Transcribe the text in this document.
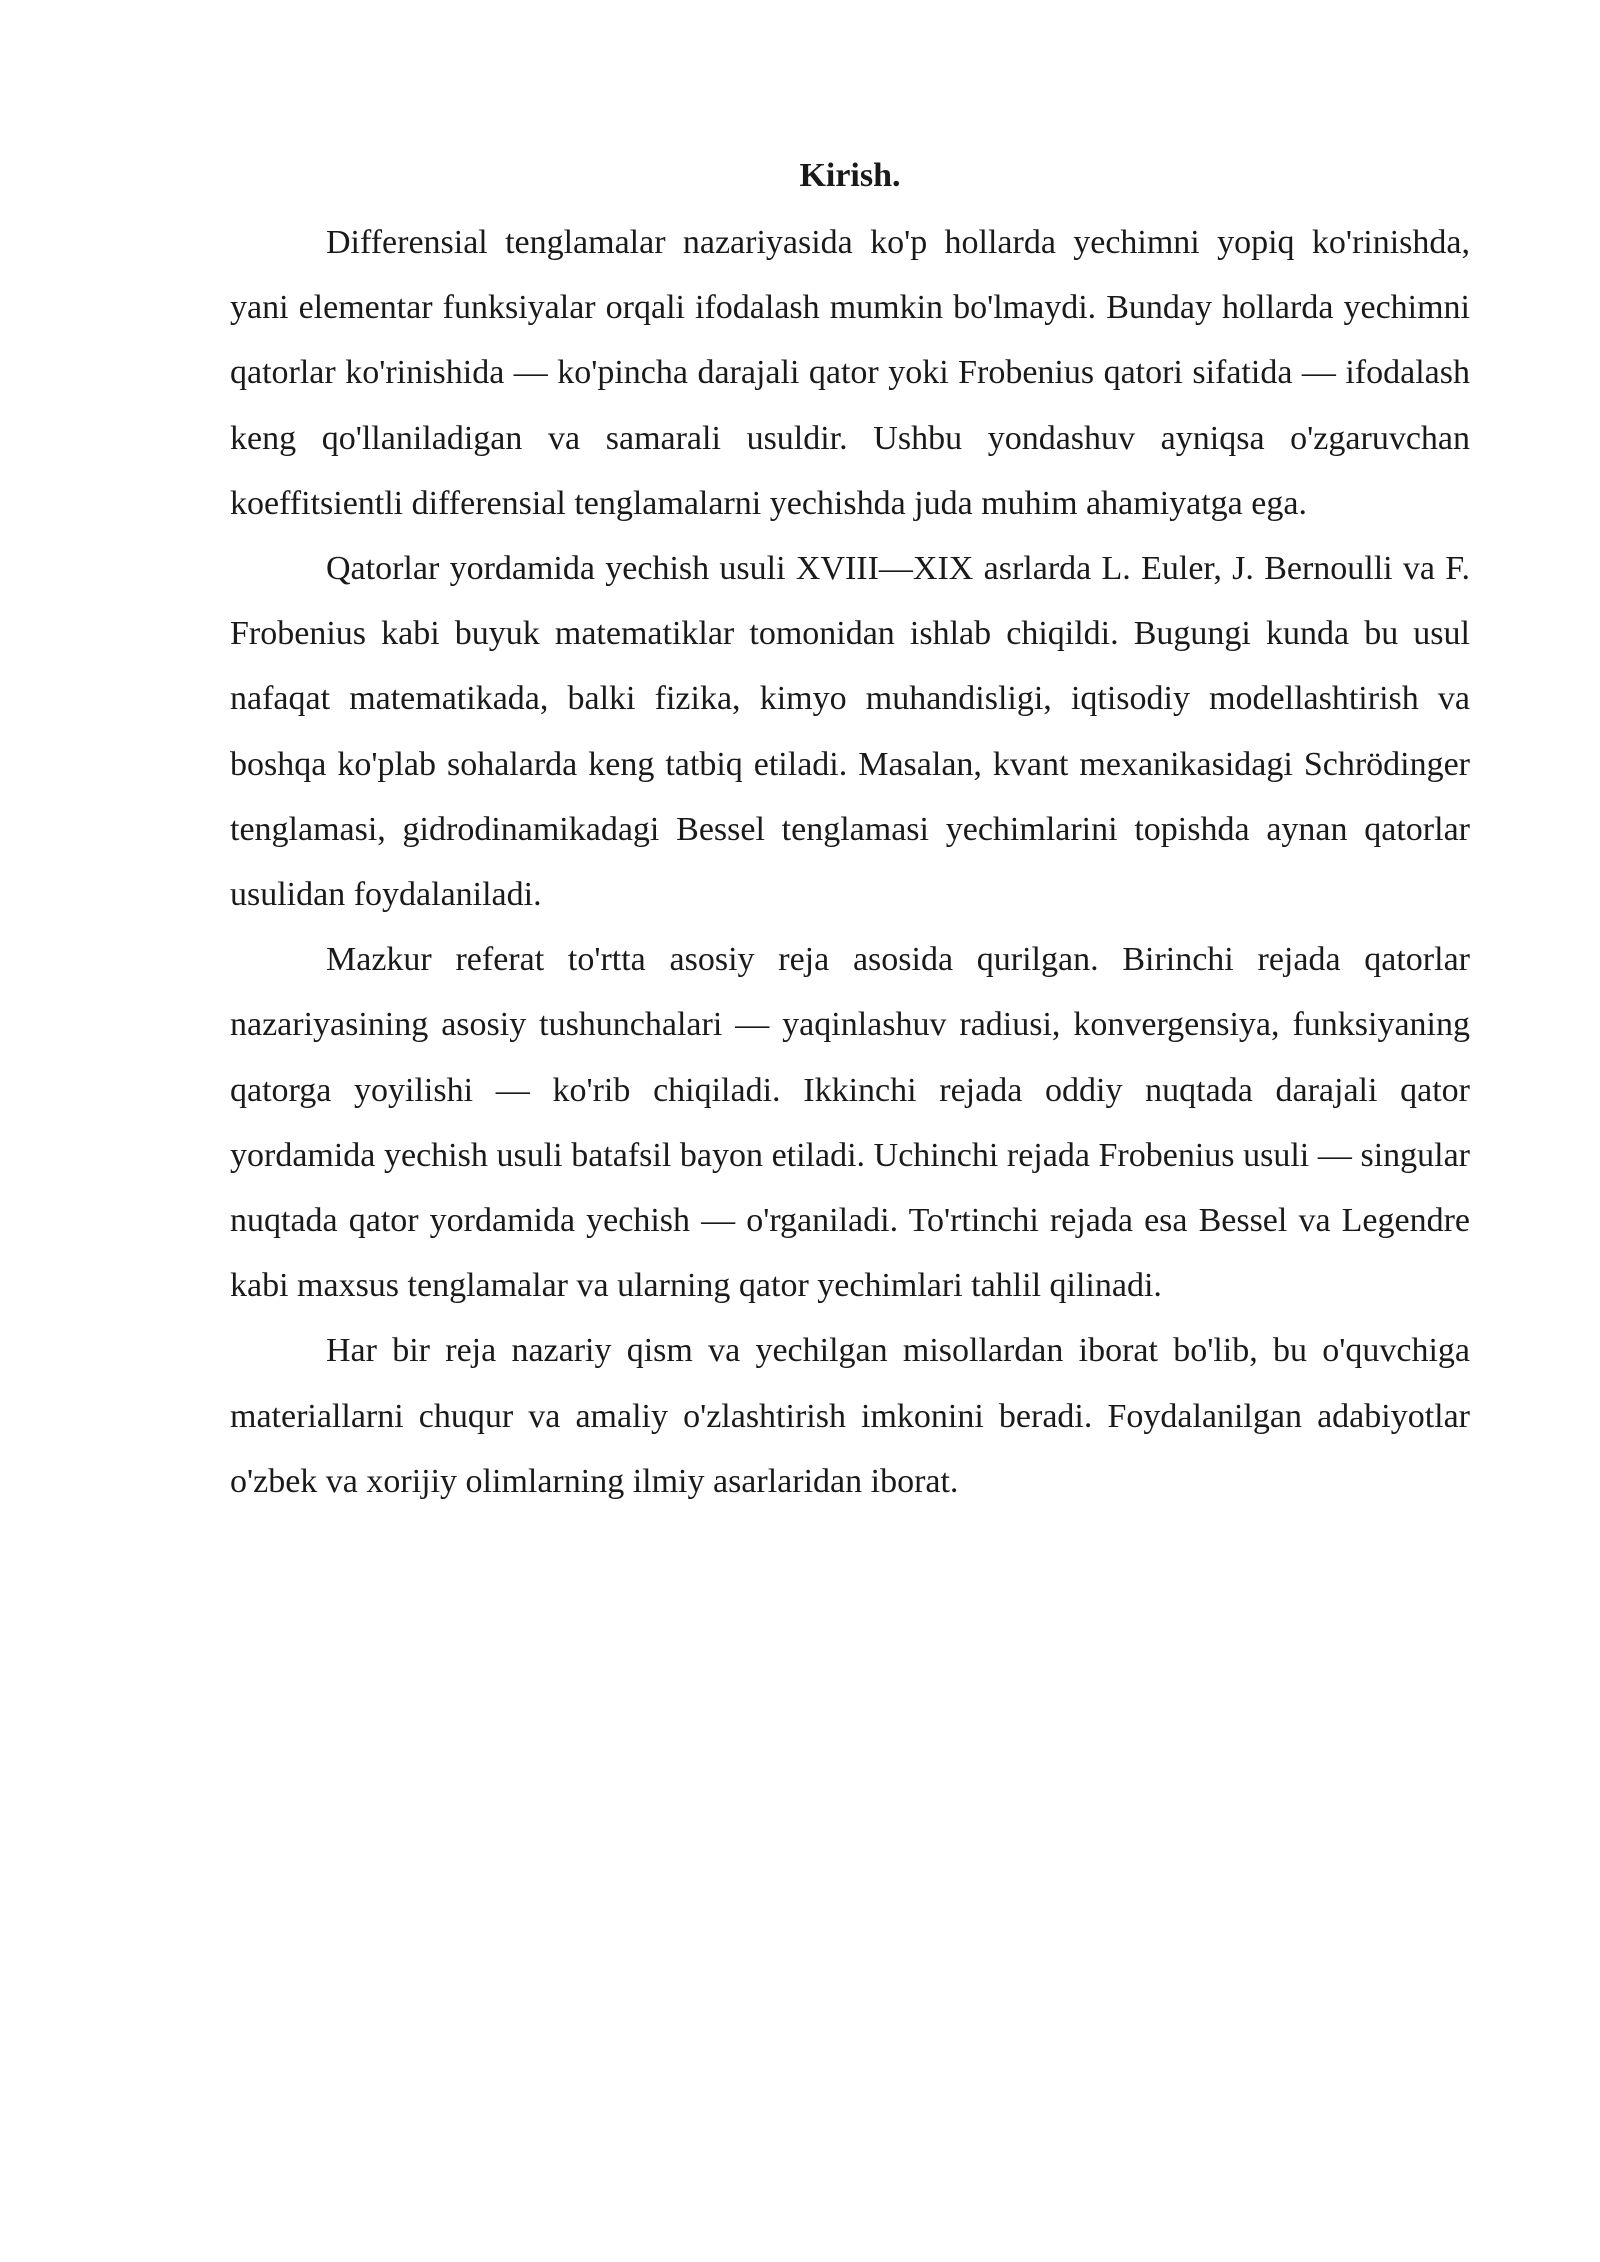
Kirish.

Differensial tenglamalar nazariyasida ko'p hollarda yechimni yopiq ko'rinishda, yani elementar funksiyalar orqali ifodalash mumkin bo'lmaydi. Bunday hollarda yechimni qatorlar ko'rinishida — ko'pincha darajali qator yoki Frobenius qatori sifatida — ifodalash keng qo'llaniladigan va samarali usuldir. Ushbu yondashuv ayniqsa o'zgaruvchan koeffitsientli differensial tenglamalarni yechishda juda muhim ahamiyatga ega.

Qatorlar yordamida yechish usuli XVIII—XIX asrlarda L. Euler, J. Bernoulli va F. Frobenius kabi buyuk matematiklar tomonidan ishlab chiqildi. Bugungi kunda bu usul nafaqat matematikada, balki fizika, kimyo muhandisligi, iqtisodiy modellashtirish va boshqa ko'plab sohalarda keng tatbiq etiladi. Masalan, kvant mexanikasidagi Schrödinger tenglamasi, gidrodinamikadagi Bessel tenglamasi yechimlarini topishda aynan qatorlar usulidan foydalaniladi.

Mazkur referat to'rtta asosiy reja asosida qurilgan. Birinchi rejada qatorlar nazariyasining asosiy tushunchalari — yaqinlashuv radiusi, konvergensiya, funksiyaning qatorga yoyilishi — ko'rib chiqiladi. Ikkinchi rejada oddiy nuqtada darajali qator yordamida yechish usuli batafsil bayon etiladi. Uchinchi rejada Frobenius usuli — singular nuqtada qator yordamida yechish — o'rganiladi. To'rtinchi rejada esa Bessel va Legendre kabi maxsus tenglamalar va ularning qator yechimlari tahlil qilinadi.

Har bir reja nazariy qism va yechilgan misollardan iborat bo'lib, bu o'quvchiga materiallarni chuqur va amaliy o'zlashtirish imkonini beradi. Foydalanilgan adabiyotlar o'zbek va xorijiy olimlarning ilmiy asarlaridan iborat.
